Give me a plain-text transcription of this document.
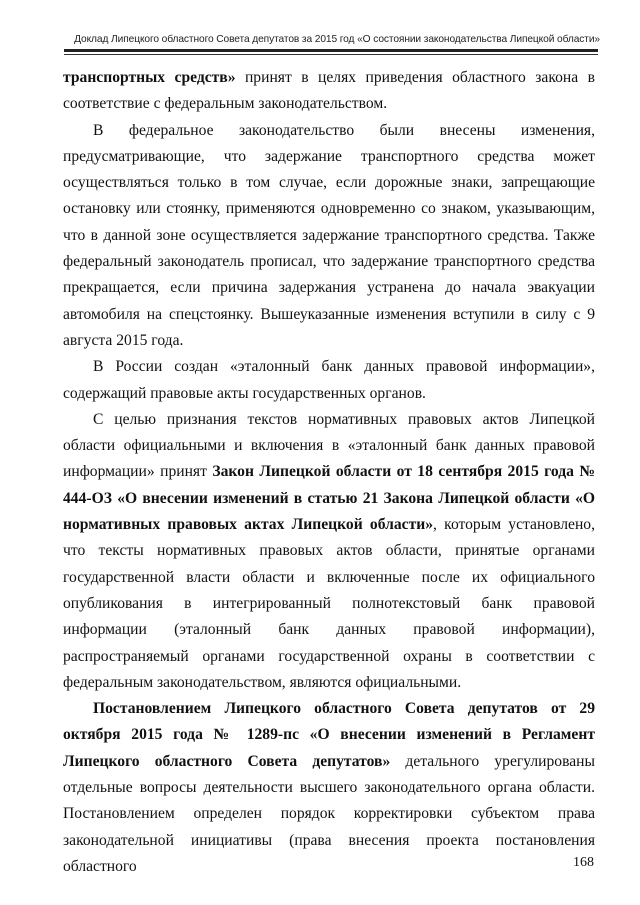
Доклад Липецкого областного Совета депутатов за 2015 год «О состоянии законодательства Липецкой области»

транспортных средств» принят в целях приведения областного закона в соответствие с федеральным законодательством.

В федеральное законодательство были внесены изменения, предусматривающие, что задержание транспортного средства может осуществляться только в том случае, если дорожные знаки, запрещающие остановку или стоянку, применяются одновременно со знаком, указывающим, что в данной зоне осуществляется задержание транспортного средства. Также федеральный законодатель прописал, что задержание транспортного средства прекращается, если причина задержания устранена до начала эвакуации автомобиля на спецстоянку. Вышеуказанные изменения вступили в силу с 9 августа 2015 года.

В России создан «эталонный банк данных правовой информации», содержащий правовые акты государственных органов.

С целью признания текстов нормативных правовых актов Липецкой области официальными и включения в «эталонный банк данных правовой информации» принят Закон Липецкой области от 18 сентября 2015 года № 444-ОЗ «О внесении изменений в статью 21 Закона Липецкой области «О нормативных правовых актах Липецкой области», которым установлено, что тексты нормативных правовых актов области, принятые органами государственной власти области и включенные после их официального опубликования в интегрированный полнотекстовый банк правовой информации (эталонный банк данных правовой информации), распространяемый органами государственной охраны в соответствии с федеральным законодательством, являются официальными.

Постановлением Липецкого областного Совета депутатов от 29 октября 2015 года № 1289-пс «О внесении изменений в Регламент Липецкого областного Совета депутатов» детального урегулированы отдельные вопросы деятельности высшего законодательного органа области. Постановлением определен порядок корректировки субъектом права законодательной инициативы (права внесения проекта постановления областного	168
